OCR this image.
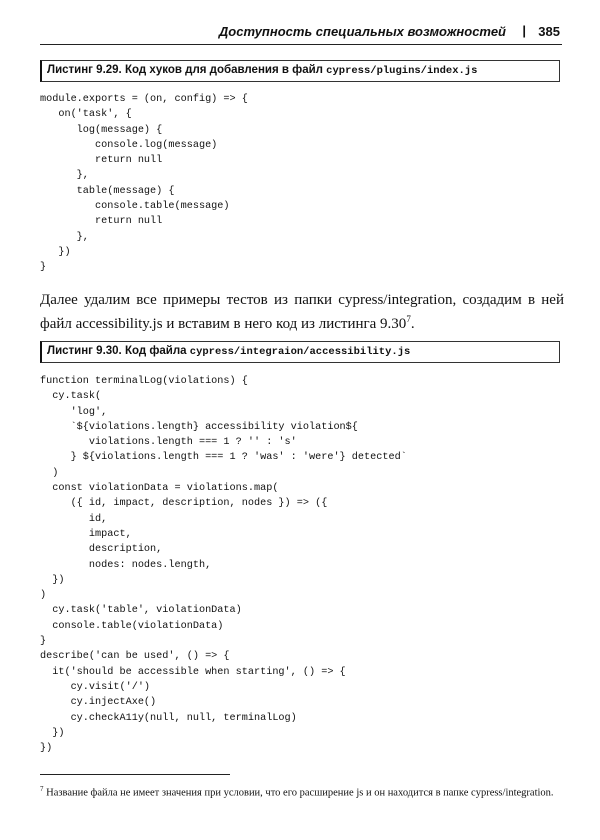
Доступность специальных возможностей | 385
Листинг 9.29. Код хуков для добавления в файл cypress/plugins/index.js
module.exports = (on, config) => {
on('task', {
log(message) {
console.log(message)
return null
},
table(message) {
console.table(message)
return null
},
})
}

Далее удалим все примеры тестов из папки cypress/integration, создадим в ней файл accessibility.js и вставим в него код из листинга 9.30$^7$.

Листинг 9.30. Код файла cypress/integraion/accessibility.js
function terminalLog(violations) {
cy.task(
'log',
`${violations.length} accessibility violation${
violations.length === 1 ? '' : 's'
} ${violations.length === 1 ? 'was' : 'were'} detected`
)
const violationData = violations.map(
({ id, impact, description, nodes }) => ({
id,
impact,
description,
nodes: nodes.length,
})
)
cy.task('table', violationData)
console.table(violationData)
}
describe('can be used', () => {
it('should be accessible when starting', () => {
cy.visit('/')
cy.injectAxe()
cy.checkA11y(null, null, terminalLog)
})
})
$^7$ Название файла не имеет значения при условии, что его расширение js и он находится в папке cypress/integration.
